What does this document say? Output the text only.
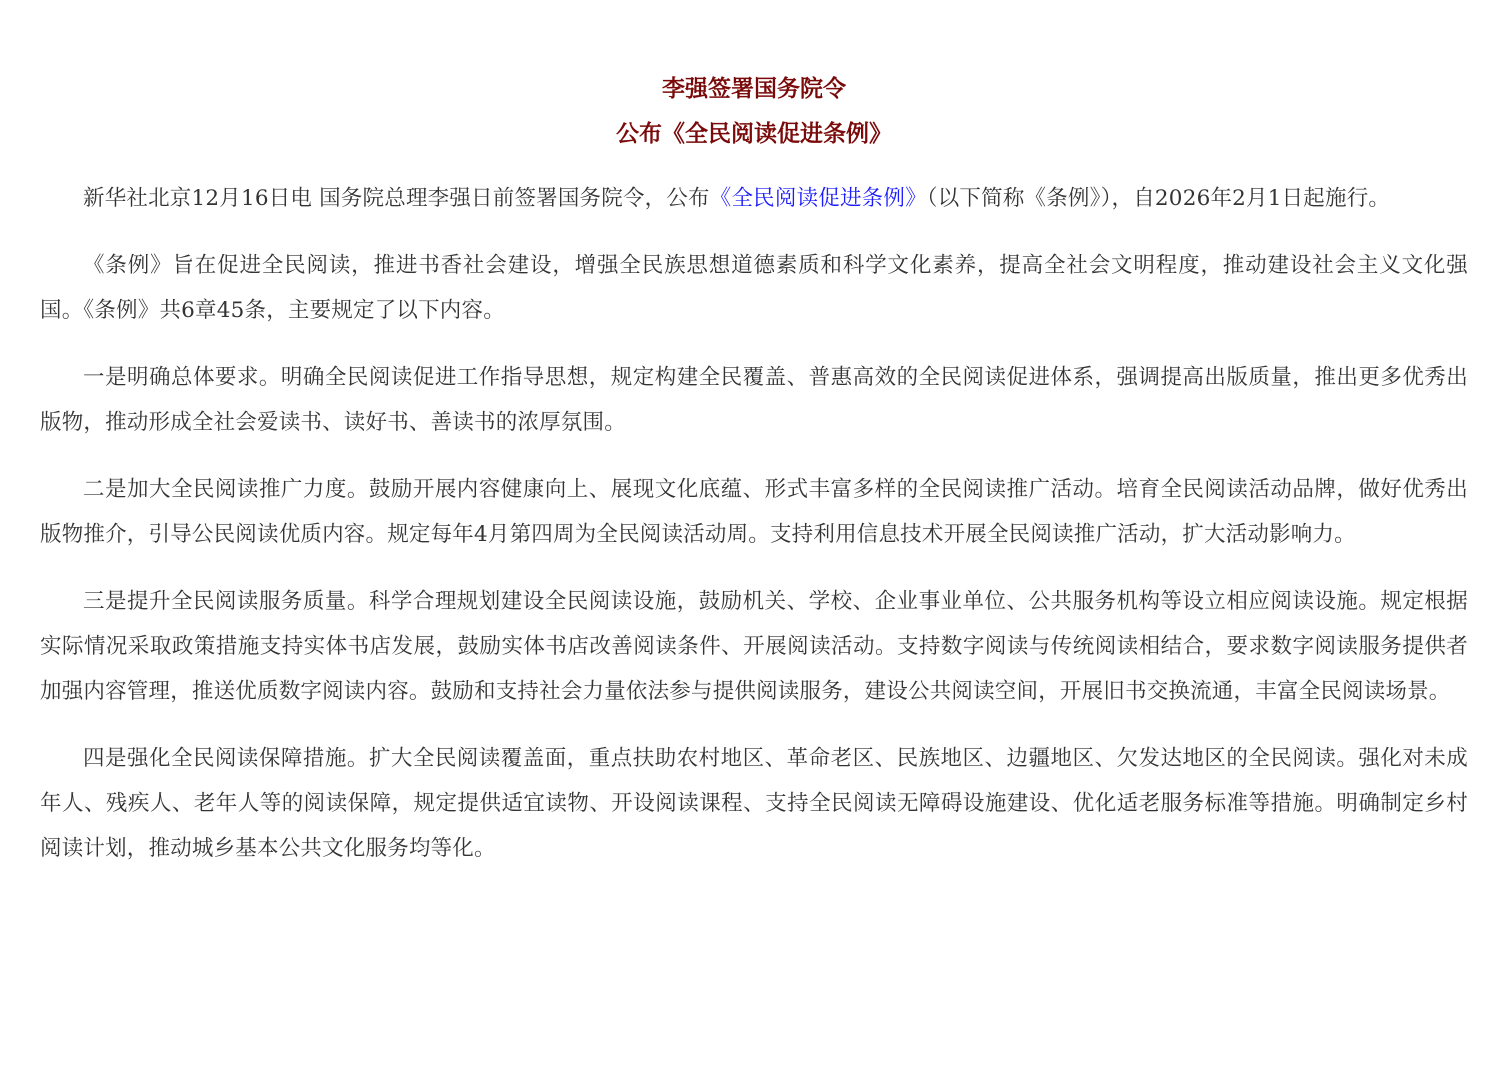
李强签署国务院令
公布《全民阅读促进条例》

新华社北京12月16日电 国务院总理李强日前签署国务院令，公布《全民阅读促进条例》（以下简称《条例》），自2026年2月1日起施行。

《条例》旨在促进全民阅读，推进书香社会建设，增强全民族思想道德素质和科学文化素养，提高全社会文明程度，推动建设社会主义文化强国。《条例》共6章45条，主要规定了以下内容。

一是明确总体要求。明确全民阅读促进工作指导思想，规定构建全民覆盖、普惠高效的全民阅读促进体系，强调提高出版质量，推出更多优秀出版物，推动形成全社会爱读书、读好书、善读书的浓厚氛围。

二是加大全民阅读推广力度。鼓励开展内容健康向上、展现文化底蕴、形式丰富多样的全民阅读推广活动。培育全民阅读活动品牌，做好优秀出版物推介，引导公民阅读优质内容。规定每年4月第四周为全民阅读活动周。支持利用信息技术开展全民阅读推广活动，扩大活动影响力。

三是提升全民阅读服务质量。科学合理规划建设全民阅读设施，鼓励机关、学校、企业事业单位、公共服务机构等设立相应阅读设施。规定根据实际情况采取政策措施支持实体书店发展，鼓励实体书店改善阅读条件、开展阅读活动。支持数字阅读与传统阅读相结合，要求数字阅读服务提供者加强内容管理，推送优质数字阅读内容。鼓励和支持社会力量依法参与提供阅读服务，建设公共阅读空间，开展旧书交换流通，丰富全民阅读场景。

四是强化全民阅读保障措施。扩大全民阅读覆盖面，重点扶助农村地区、革命老区、民族地区、边疆地区、欠发达地区的全民阅读。强化对未成年人、残疾人、老年人等的阅读保障，规定提供适宜读物、开设阅读课程、支持全民阅读无障碍设施建设、优化适老服务标准等措施。明确制定乡村阅读计划，推动城乡基本公共文化服务均等化。
